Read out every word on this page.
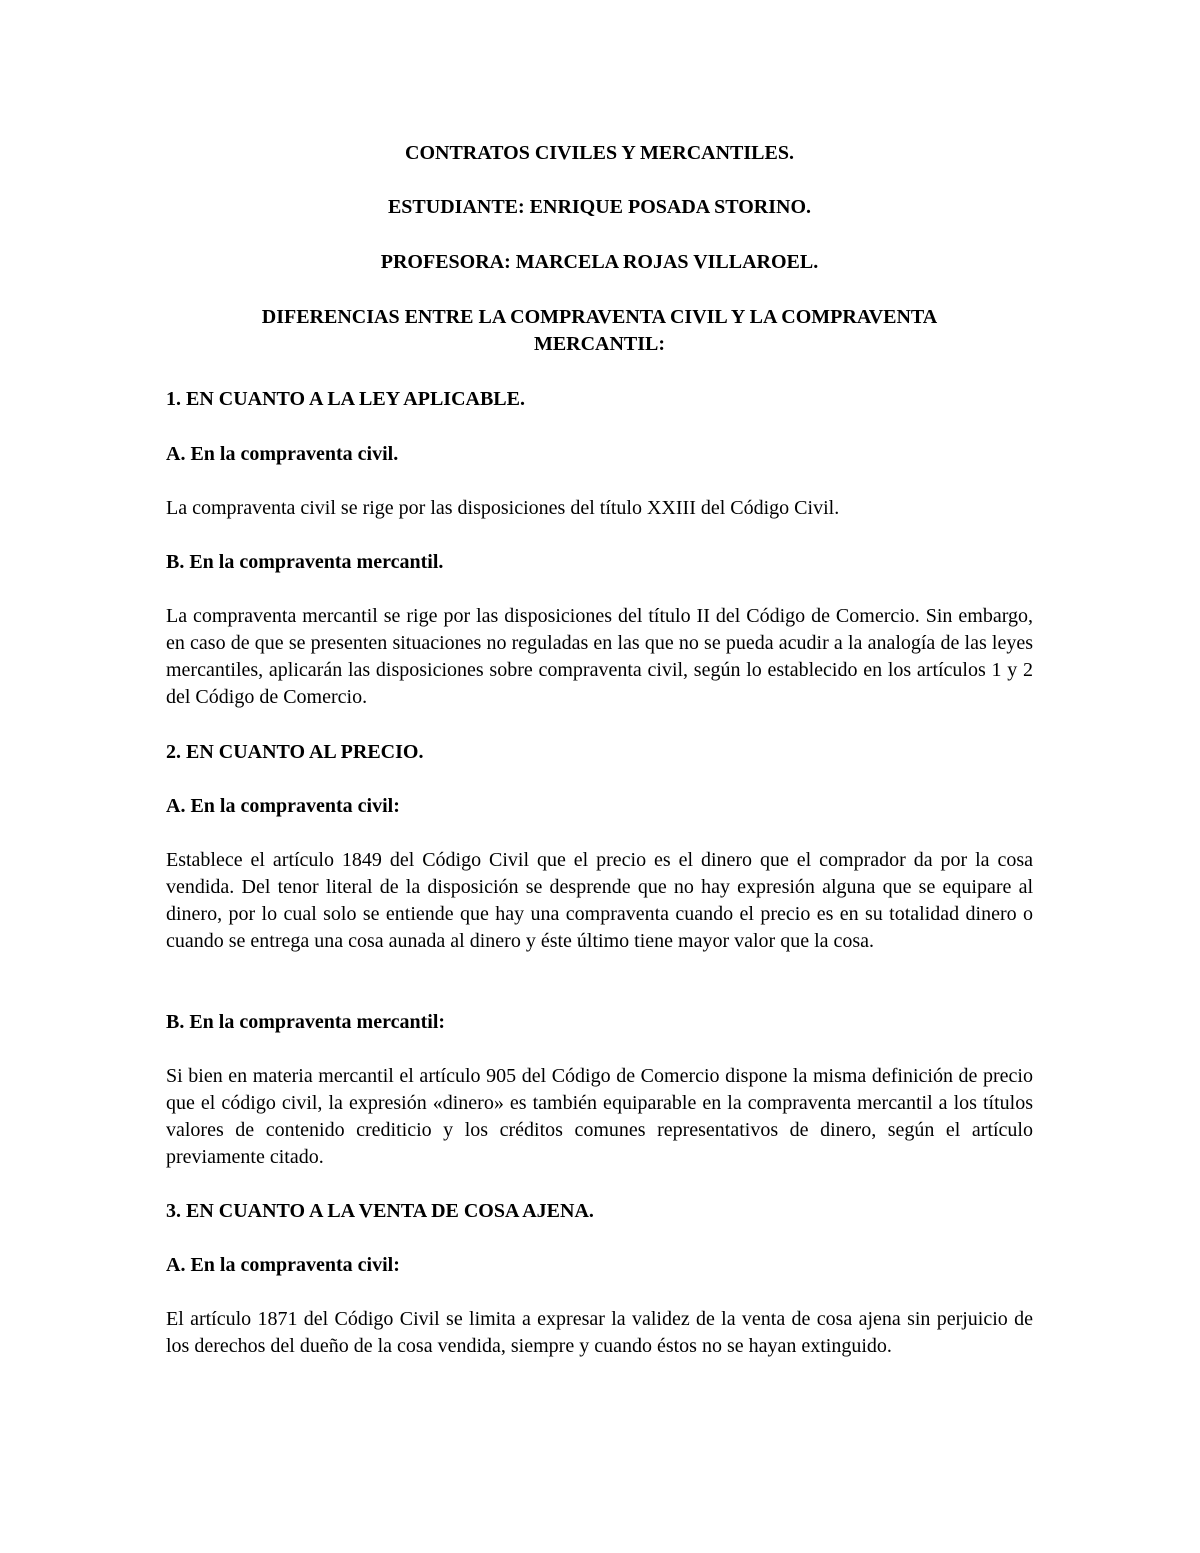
CONTRATOS CIVILES Y MERCANTILES.

ESTUDIANTE: ENRIQUE POSADA STORINO.

PROFESORA: MARCELA ROJAS VILLAROEL.

DIFERENCIAS ENTRE LA COMPRAVENTA CIVIL Y LA COMPRAVENTA MERCANTIL:

1. EN CUANTO A LA LEY APLICABLE.

A. En la compraventa civil.

La compraventa civil se rige por las disposiciones del título XXIII del Código Civil.

B. En la compraventa mercantil.

La compraventa mercantil se rige por las disposiciones del título II del Código de Comercio. Sin embargo, en caso de que se presenten situaciones no reguladas en las que no se pueda acudir a la analogía de las leyes mercantiles, aplicarán las disposiciones sobre compraventa civil, según lo establecido en los artículos 1 y 2 del Código de Comercio.

2. EN CUANTO AL PRECIO.

A. En la compraventa civil:

Establece el artículo 1849 del Código Civil que el precio es el dinero que el comprador da por la cosa vendida. Del tenor literal de la disposición se desprende que no hay expresión alguna que se equipare al dinero, por lo cual solo se entiende que hay una compraventa cuando el precio es en su totalidad dinero o cuando se entrega una cosa aunada al dinero y éste último tiene mayor valor que la cosa.

B. En la compraventa mercantil:

Si bien en materia mercantil el artículo 905 del Código de Comercio dispone la misma definición de precio que el código civil, la expresión «dinero» es también equiparable en la compraventa mercantil a los títulos valores de contenido crediticio y los créditos comunes representativos de dinero, según el artículo previamente citado.

3. EN CUANTO A LA VENTA DE COSA AJENA.

A. En la compraventa civil:

El artículo 1871 del Código Civil se limita a expresar la validez de la venta de cosa ajena sin perjuicio de los derechos del dueño de la cosa vendida, siempre y cuando éstos no se hayan extinguido.
